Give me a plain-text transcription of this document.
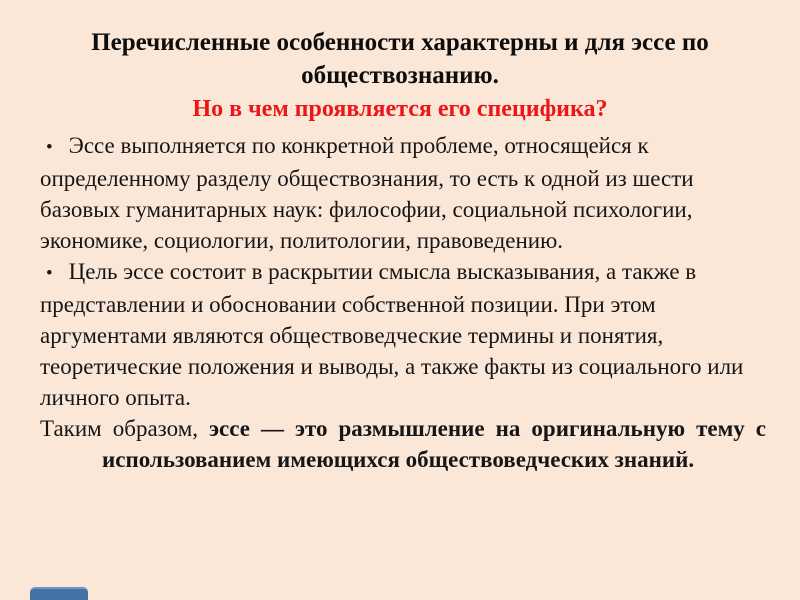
Перечисленные особенности характерны и для эссе по обществознанию.
Но в чем проявляется его специфика?

• Эссе выполняется по конкретной проблеме, относящейся к определенному разделу обществознания, то есть к одной из шести базовых гуманитарных наук: философии, социальной психологии, экономике, социологии, политологии, правоведению.

• Цель эссе состоит в раскрытии смысла высказывания, а также в представлении и обосновании собственной позиции. При этом аргументами являются обществоведческие термины и понятия, теоретические положения и выводы, а также факты из социального или личного опыта.

Таким образом, эссе — это размышление на оригинальную тему с использованием имеющихся обществоведческих знаний.
